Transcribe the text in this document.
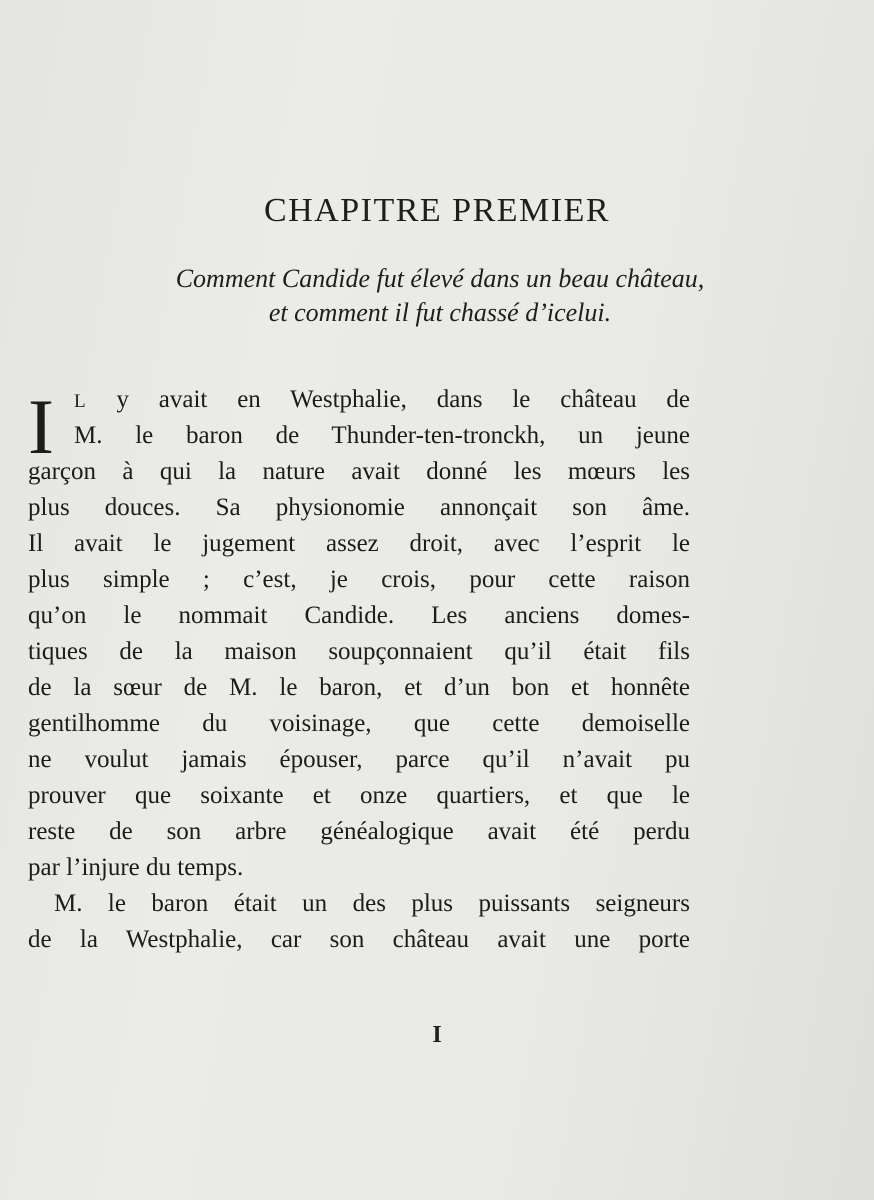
CHAPITRE PREMIER
Comment Candide fut élevé dans un beau château,
et comment il fut chassé d’icelui.
I L y avait en Westphalie, dans le château de
M. le baron de Thunder-ten-tronckh, un jeune
garçon à qui la nature avait donné les mœurs les
plus douces. Sa physionomie annonçait son âme.
Il avait le jugement assez droit, avec l’esprit le
plus simple ; c’est, je crois, pour cette raison
qu’on le nommait Candide. Les anciens domes-
tiques de la maison soupçonnaient qu’il était fils
de la sœur de M. le baron, et d’un bon et honnête
gentilhomme du voisinage, que cette demoiselle
ne voulut jamais épouser, parce qu’il n’avait pu
prouver que soixante et onze quartiers, et que le
reste de son arbre généalogique avait été perdu
par l’injure du temps.
M. le baron était un des plus puissants seigneurs
de la Westphalie, car son château avait une porte
I
